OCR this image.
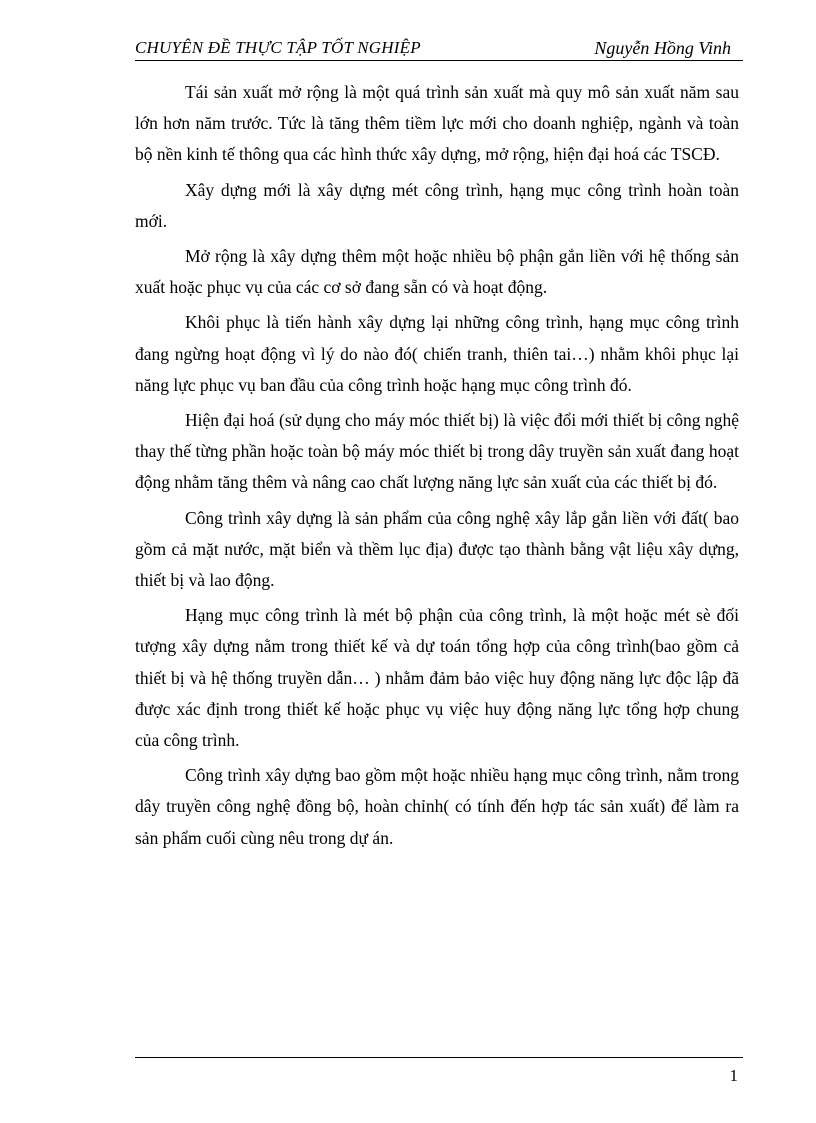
CHUYÊN ĐỀ THỰC TẬP TỐT NGHIỆP	Nguyễn Hồng Vinh

Tái sản xuất mở rộng là một quá trình sản xuất mà quy mô sản xuất năm sau lớn hơn năm trước. Tức là tăng thêm tiềm lực mới cho doanh nghiệp, ngành và toàn bộ nền kinh tế thông qua các hình thức xây dựng, mở rộng, hiện đại hoá các TSCĐ.

Xây dựng mới là xây dựng mét công trình, hạng mục công trình hoàn toàn mới.

Mở rộng là xây dựng thêm một hoặc nhiều bộ phận gắn liền với hệ thống sản xuất hoặc phục vụ của các cơ sở đang sẵn có và hoạt động.

Khôi phục là tiến hành xây dựng lại những công trình, hạng mục công trình đang ngừng hoạt động vì lý do nào đó( chiến tranh, thiên tai…) nhằm khôi phục lại năng lực phục vụ ban đầu của công trình hoặc hạng mục công trình đó.

Hiện đại hoá (sử dụng cho máy móc thiết bị) là việc đổi mới thiết bị công nghệ thay thế từng phần hoặc toàn bộ máy móc thiết bị trong dây truyền sản xuất đang hoạt động nhằm tăng thêm và nâng cao chất lượng năng lực sản xuất của các thiết bị đó.

Công trình xây dựng là sản phẩm của công nghệ xây lắp gắn liền với đất( bao gồm cả mặt nước, mặt biển và thềm lục địa) được tạo thành bằng vật liệu xây dựng, thiết bị và lao động.

Hạng mục công trình là mét bộ phận của công trình, là một hoặc mét sè đối tượng xây dựng nằm trong thiết kế và dự toán tổng hợp của công trình(bao gồm cả thiết bị và hệ thống truyền dẫn… ) nhằm đảm bảo việc huy động năng lực độc lập đã được xác định trong thiết kế hoặc phục vụ việc huy động năng lực tổng hợp chung của công trình.

Công trình xây dựng bao gồm một hoặc nhiều hạng mục công trình, nằm trong dây truyền công nghệ đồng bộ, hoàn chỉnh( có tính đến hợp tác sản xuất) để làm ra sản phẩm cuối cùng nêu trong dự án.

1
